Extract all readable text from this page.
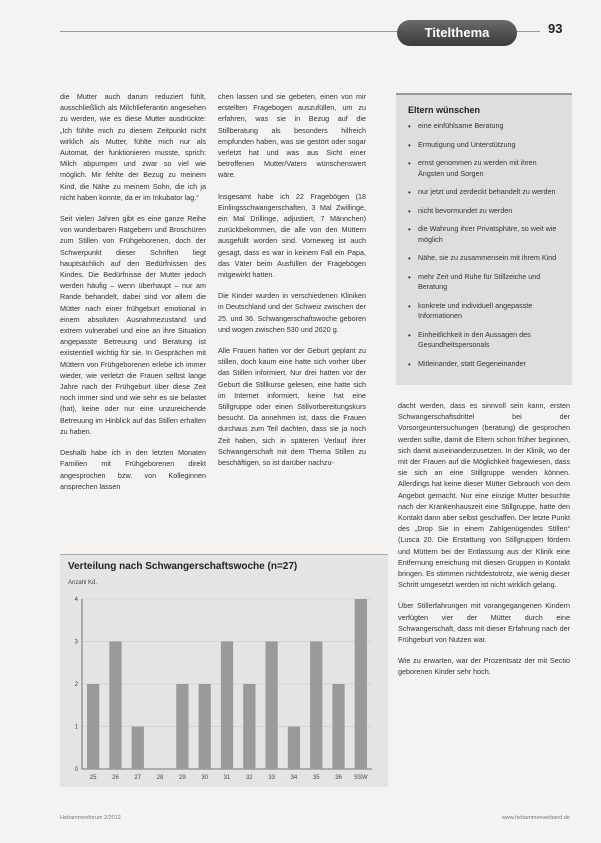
Titelthema	93

die Mutter auch darum reduziert fühlt, ausschließlich als Milchlieferantin angesehen zu werden, wie es diese Mutter ausdrückte: „Ich fühlte mich zu diesem Zeitpunkt nicht wirklich als Mutter, fühlte mich nur als Automat, der funktionieren musste, sprich: Milch abpumpen und zwar so viel wie möglich. Mir fehlte der Bezug zu meinem Kind, die Nähe zu meinem Sohn, die ich ja nicht haben konnte, da er im Inkubator lag.“

Seit vielen Jahren gibt es eine ganze Reihe von wunderbaren Ratgebern und Broschüren zum Stillen von Frühgeborenen, doch der Schwerpunkt dieser Schriften liegt hauptsächlich auf den Bedürfnissen des Kindes. Die Bedürfnisse der Mutter jedoch werden häufig – wenn überhaupt – nur am Rande behandelt, dabei sind vor allem die Mütter nach einer frühgeburt emotional in einem absoluten Ausnahmezustand und extrem vulnerabel und eine an ihre Situation angepasste Betreuung und Beratung ist existentiell wichtig für sie. In Gesprächen mit Müttern von Frühgeborenen erlebe ich immer wieder, wie verletzt die Frauen selbst lange Jahre nach der Frühgeburt über diese Zeit noch immer sind und wie sehr es sie belastet (hat), keine oder nur eine unzureichende Betreuung im Hinblick auf das Stillen erhalten zu haben.

Deshalb habe ich in den letzten Monaten Familien mit Frühgeborenen direkt angesprochen bzw. von Kolleginnen ansprechen lassen

chen lassen und sie gebeten, einen von mir erstellten Fragebogen auszufüllen, um zu erfahren, was sie in Bezug auf die Stillberatung als besonders hilfreich empfunden haben, was sie gestört oder sogar verletzt hat und was aus Sicht einer betroffenen Mutter/Vaters wünschenswert wäre.

Insgesamt habe ich 22 Fragebögen (18 Einlingsschwangerschaften, 3 Mal Zwillinge, ein Mal Drillinge, adjustiert, 7 Männchen) zurückbekommen, die alle von den Müttern ausgefüllt worden sind. Vorneweg ist auch gesagt, dass es war in keinem Fall ein Papa, das Väter beim Ausfüllen der Fragebögen mitgewirkt hatten.

Die Kinder wurden in verschiedenen Kliniken in Deutschland und der Schweiz zwischen der 25. und 36. Schwangerschaftswoche geboren und wogen zwischen 530 und 2620 g.

Alle Frauen hatten vor der Geburt geplant zu stillen, doch kaum eine hatte sich vorher über das Stillen informiert. Nur drei hatten vor der Geburt die Stillkurse gelesen, eine hatte sich im Internet informiert, keine hat eine Stillgruppe oder einen Stillvorbereitungskurs besucht. Da annehmen ist, dass die Frauen durchaus zum Teil dachten, dass sie ja noch Zeit haben, sich in späteren Verlauf ihrer Schwangerschaft mit dem Thema Stillen zu beschäftigen, so ist darüber nachzu-

Eltern wünschen
• eine einfühlsame Beratung
• Ermutigung und Unterstützung
• ernst genommen zu werden mit ihren Ängsten und Sorgen
• nur jetzt und zerdeckt behandelt zu werden
• nicht bevormundet zu werden
• die Wahrung ihrer Privatsphäre, so weit wie möglich
• Nähe, sie zu zusammensein mit ihrem Kind
• mehr Zeit und Ruhe für Stillzeiche und Beratung
• konkrete und individuell angepasste Informationen
• Einheitlichkeit in den Aussagen des Gesundheitspersonals
• Mitleinander, statt Gegeneinander

dacht werden, dass es sinnvoll sein kann, ersten Schwangerschaftsdrittel bei der Vorsorgeuntersuchungen (beratung) die gesprochen werden sollte, damit die Eltern schon früher beginnen, sich damit auseinanderzusetzen. In der Klinik, wo der mit der Frauen auf die Möglichkeit fragewiesen, dass sie sich an eine Stillgruppe wenden können. Allerdings hat keine dieser Mütter Gebrauch von dem Angebot gemacht. Nur eine einzige Mutter besuchte nach der Krankenhauszeit eine Stillgruppe, hatte den Kontakt dann aber selbst geschaffen. Der letzte Punkt des „Drop Sie in einem Zahlgenügendes Stillen“ (Lusca 20. Die Erstattung von Stillgruppen fördern und Müttern bei der Entlassung aus der Klinik eine Entfernung erreichung mit diesen Gruppen in Kontakt bringen. Es stimmen nichtdestotrotz, wie wenig dieser Schritt umgesetzt werden ist nicht wirklich gelang.

Über Stillerfahrungen mit vorangegangenen Kindern verfügten vier der Mütter durch eine Schwangerschaft, dass mit dieser Erfahrung nach der Frühgeburt von Nutzen war.

Wie zu erwarten, war der Prozentsatz der mit Sectio geborenen Kinder sehr hoch.

Verteilung nach Schwangerschaftswoche (n=27)
Anzahl Kd.
0
1
2
3
4
25	26	27	28	29	30	31	32	33	34	35	36 SSW
Hebammenforum 2/2012	www.hebammenverband.de
